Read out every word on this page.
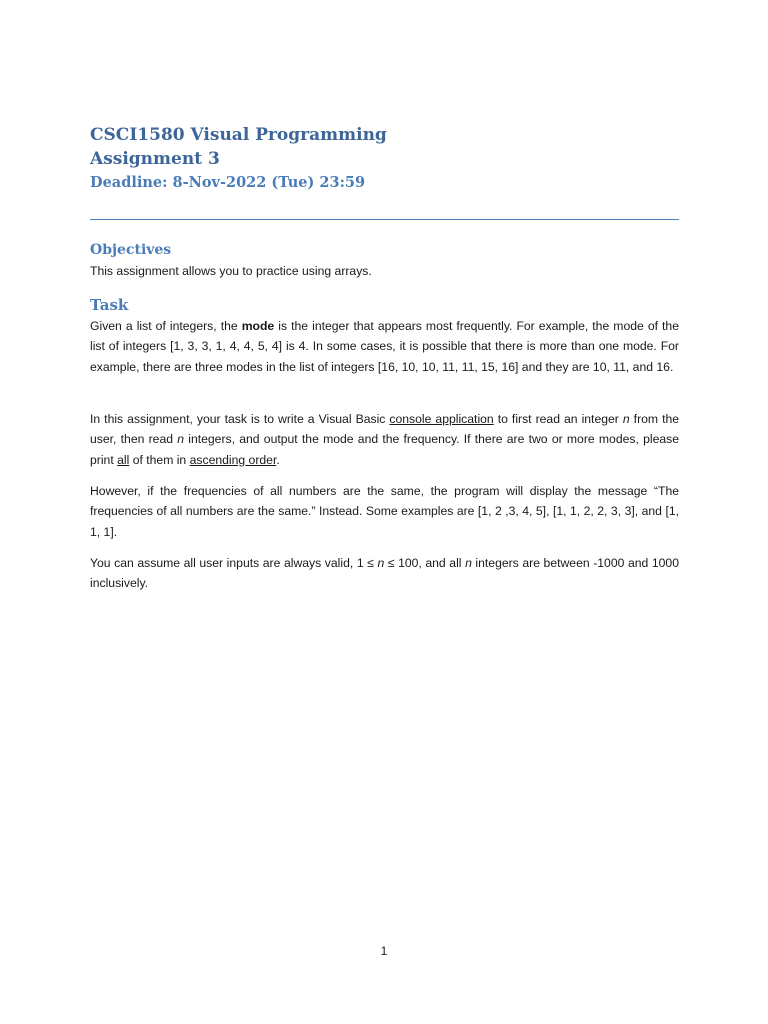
CSCI1580 Visual Programming

Assignment 3

Deadline: 8-Nov-2022 (Tue) 23:59

Objectives

This assignment allows you to practice using arrays.

Task

Given a list of integers, the mode is the integer that appears most frequently. For example, the mode of the list of integers [1, 3, 3, 1, 4, 4, 5, 4] is 4. In some cases, it is possible that there is more than one mode. For example, there are three modes in the list of integers [16, 10, 10, 11, 11, 15, 16] and they are 10, 11, and 16.

In this assignment, your task is to write a Visual Basic console application to first read an integer n from the user, then read n integers, and output the mode and the frequency. If there are two or more modes, please print all of them in ascending order.

However, if the frequencies of all numbers are the same, the program will display the message “The frequencies of all numbers are the same.” Instead. Some examples are [1, 2 ,3, 4, 5], [1, 1, 2, 2, 3, 3], and [1, 1, 1].

You can assume all user inputs are always valid, 1 ≤ n ≤ 100, and all n integers are between -1000 and 1000 inclusively.

1
